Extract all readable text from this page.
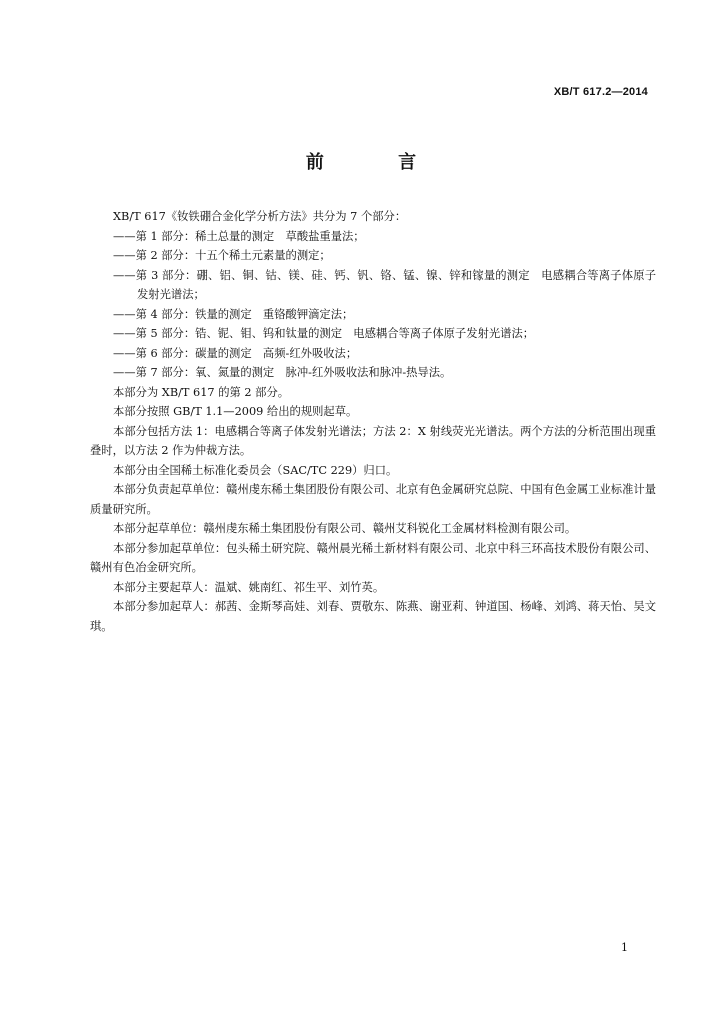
XB/T 617.2—2014
前 言

XB/T 617《钕铁硼合金化学分析方法》共分为 7 个部分：

——第 1 部分：稀土总量的测定　草酸盐重量法；

——第 2 部分：十五个稀土元素量的测定；

——第 3 部分：硼、铝、铜、钴、镁、硅、钙、钒、铬、锰、镍、锌和镓量的测定　电感耦合等离子体原子发射光谱法；

——第 4 部分：铁量的测定　重铬酸钾滴定法；

——第 5 部分：锆、铌、钼、钨和钛量的测定　电感耦合等离子体原子发射光谱法；

——第 6 部分：碳量的测定　高频-红外吸收法；

——第 7 部分：氧、氮量的测定　脉冲-红外吸收法和脉冲-热导法。

本部分为 XB/T 617 的第 2 部分。

本部分按照 GB/T 1.1—2009 给出的规则起草。

本部分包括方法 1：电感耦合等离子体发射光谱法；方法 2：X 射线荧光光谱法。两个方法的分析范围出现重叠时，以方法 2 作为仲裁方法。

本部分由全国稀土标准化委员会（SAC/TC 229）归口。

本部分负责起草单位：赣州虔东稀土集团股份有限公司、北京有色金属研究总院、中国有色金属工业标准计量质量研究所。

本部分起草单位：赣州虔东稀土集团股份有限公司、赣州艾科锐化工金属材料检测有限公司。

本部分参加起草单位：包头稀土研究院、赣州晨光稀土新材料有限公司、北京中科三环高技术股份有限公司、赣州有色冶金研究所。

本部分主要起草人：温斌、姚南红、祁生平、刘竹英。

本部分参加起草人：郝茜、金斯琴高娃、刘春、贾敬东、陈燕、谢亚莉、钟道国、杨峰、刘鸿、蒋天怡、吴文琪。

1
